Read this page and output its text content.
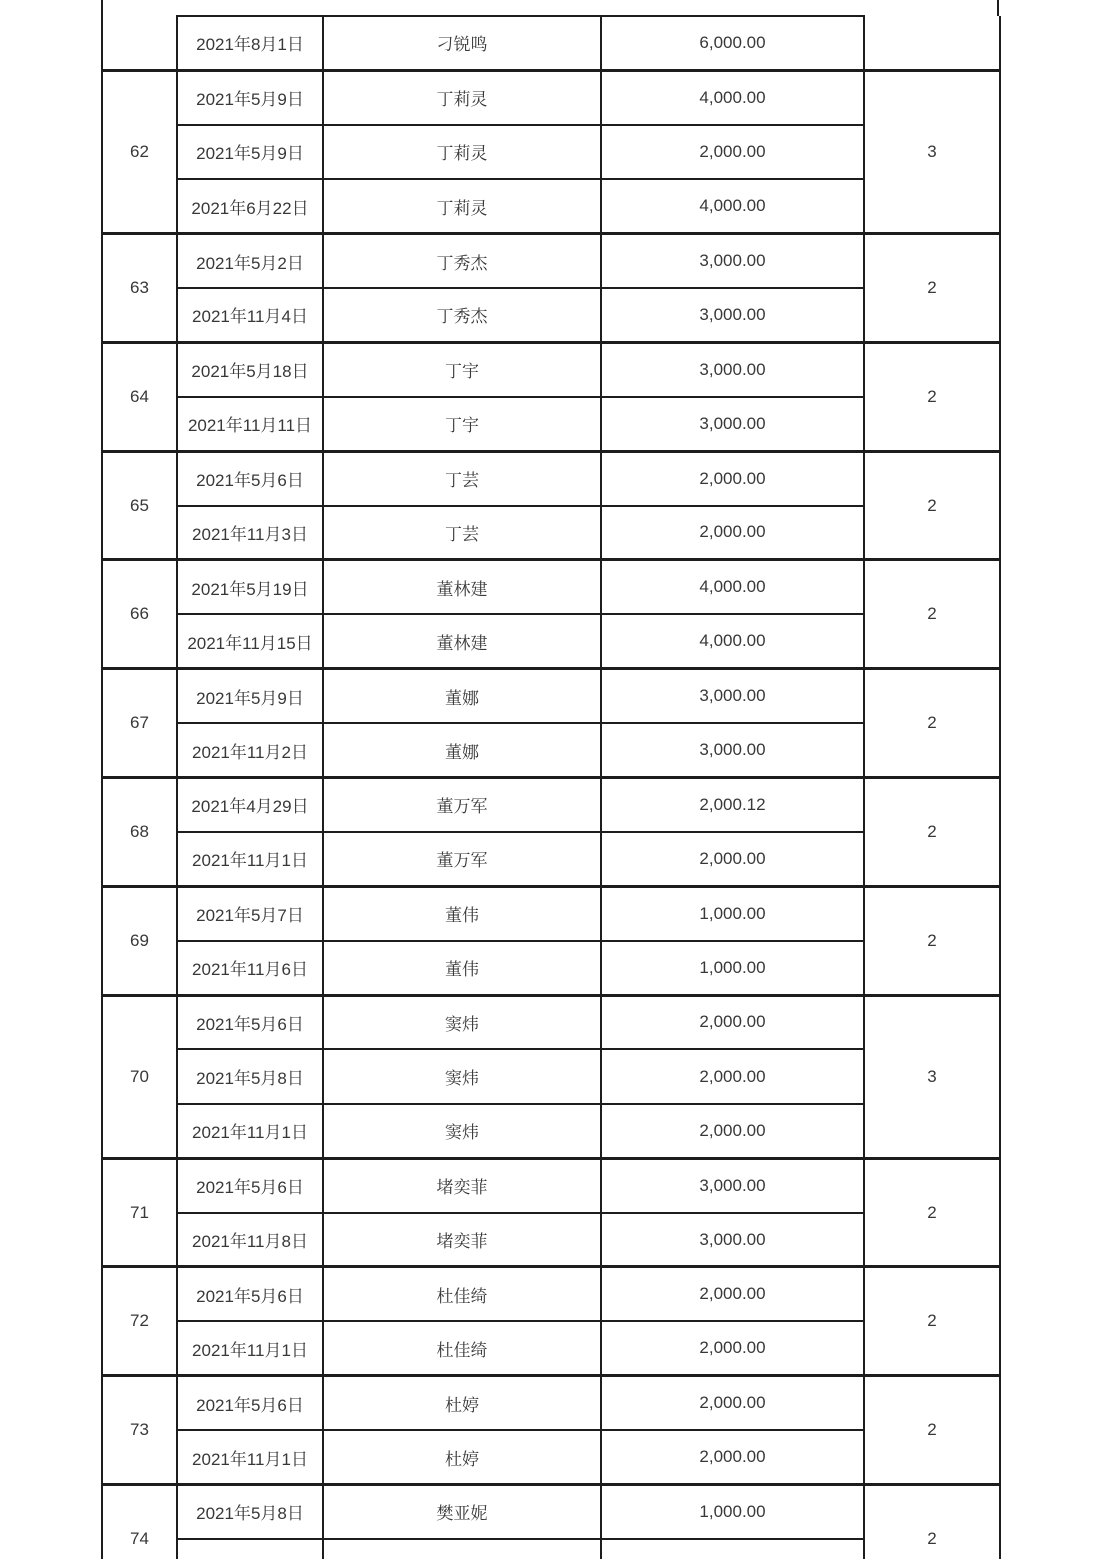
	2021年8月1日	刁锐鸣	6,000.00	
62	2021年5月9日	丁莉灵	4,000.00	3
	2021年5月9日	丁莉灵	2,000.00	
	2021年6月22日	丁莉灵	4,000.00	
63	2021年5月2日	丁秀杰	3,000.00	2
	2021年11月4日	丁秀杰	3,000.00	
64	2021年5月18日	丁宇	3,000.00	2
	2021年11月11日	丁宇	3,000.00	
65	2021年5月6日	丁芸	2,000.00	2
	2021年11月3日	丁芸	2,000.00	
66	2021年5月19日	董林建	4,000.00	2
	2021年11月15日	董林建	4,000.00	
67	2021年5月9日	董娜	3,000.00	2
	2021年11月2日	董娜	3,000.00	
68	2021年4月29日	董万军	2,000.12	2
	2021年11月1日	董万军	2,000.00	
69	2021年5月7日	董伟	1,000.00	2
	2021年11月6日	董伟	1,000.00	
70	2021年5月6日	窦炜	2,000.00	3
	2021年5月8日	窦炜	2,000.00	
	2021年11月1日	窦炜	2,000.00	
71	2021年5月6日	堵奕菲	3,000.00	2
	2021年11月8日	堵奕菲	3,000.00	
72	2021年5月6日	杜佳绮	2,000.00	2
	2021年11月1日	杜佳绮	2,000.00	
73	2021年5月6日	杜婷	2,000.00	2
	2021年11月1日	杜婷	2,000.00	
74	2021年5月8日	樊亚妮	1,000.00	2
